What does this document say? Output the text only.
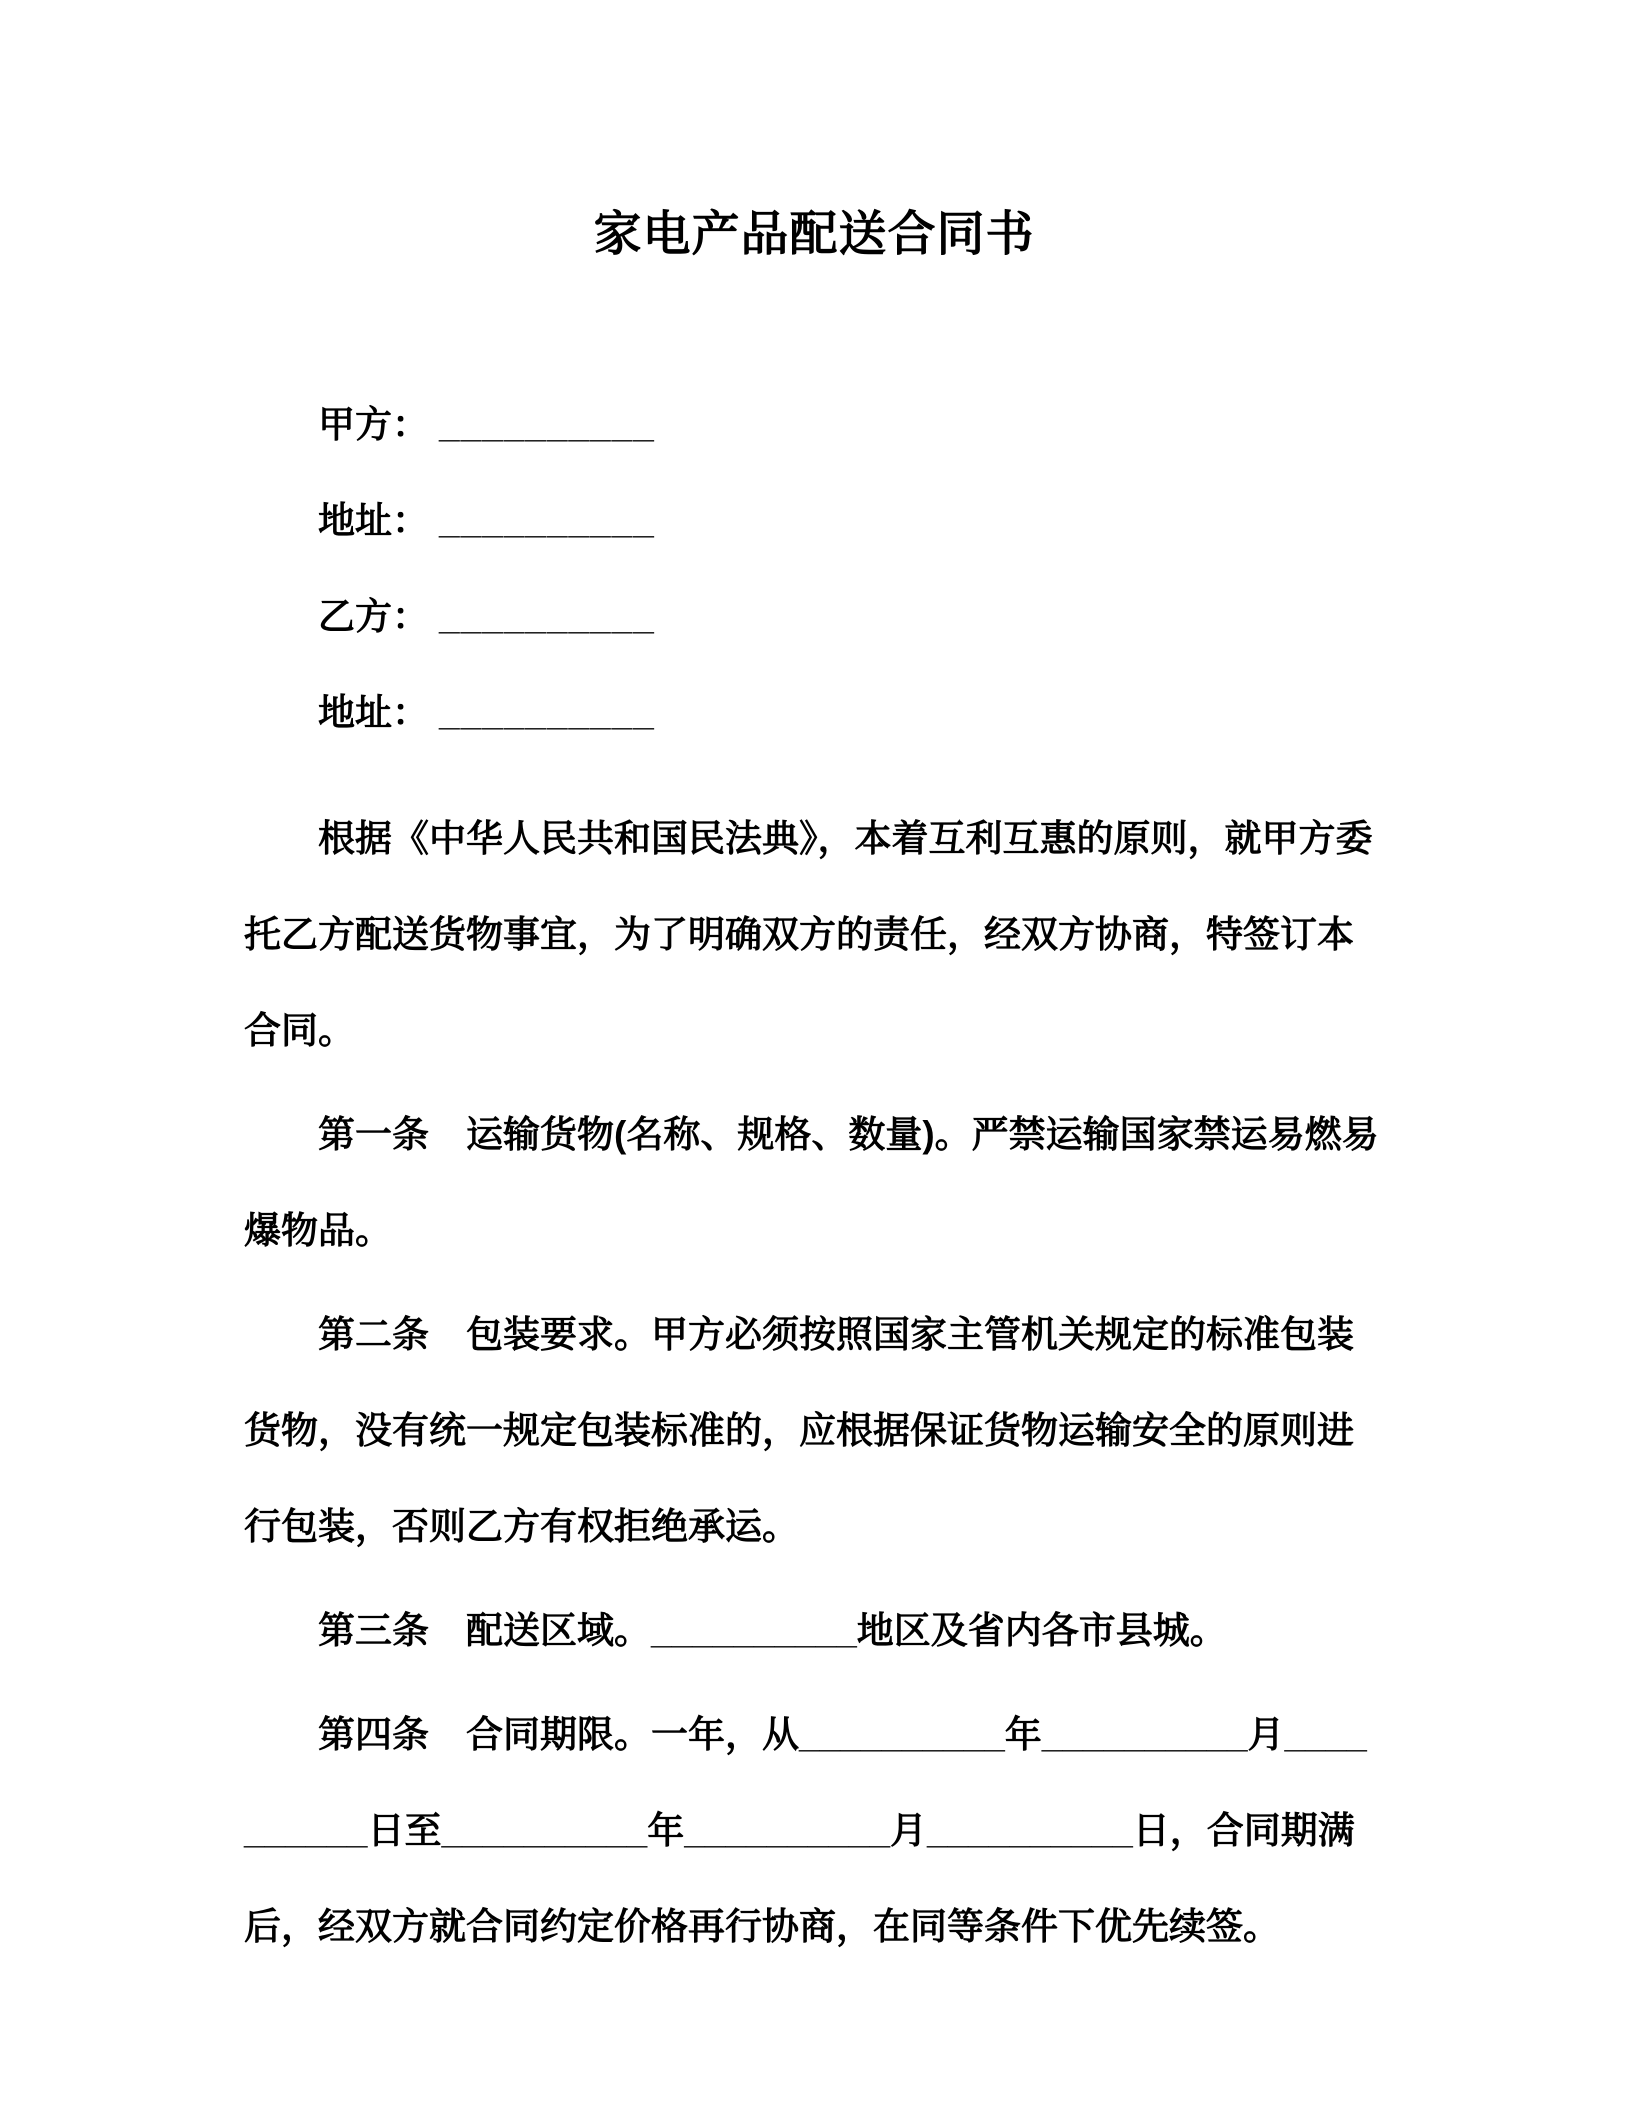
家电产品配送合同书

甲方： __________

地址： __________

乙方： __________

地址： __________

根据《中华人民共和国民法典》，本着互利互惠的原则，就甲方委托乙方配送货物事宜，为了明确双方的责任，经双方协商，特签订本合同。

第一条　运输货物(名称、规格、数量)。严禁运输国家禁运易燃易爆物品。

第二条　包装要求。甲方必须按照国家主管机关规定的标准包装货物，没有统一规定包装标准的，应根据保证货物运输安全的原则进行包装，否则乙方有权拒绝承运。

第三条　配送区域。__________地区及省内各市县城。

第四条　合同期限。一年，从__________年__________月__________日至__________年__________月__________日，合同期满后，经双方就合同约定价格再行协商，在同等条件下优先续签。
